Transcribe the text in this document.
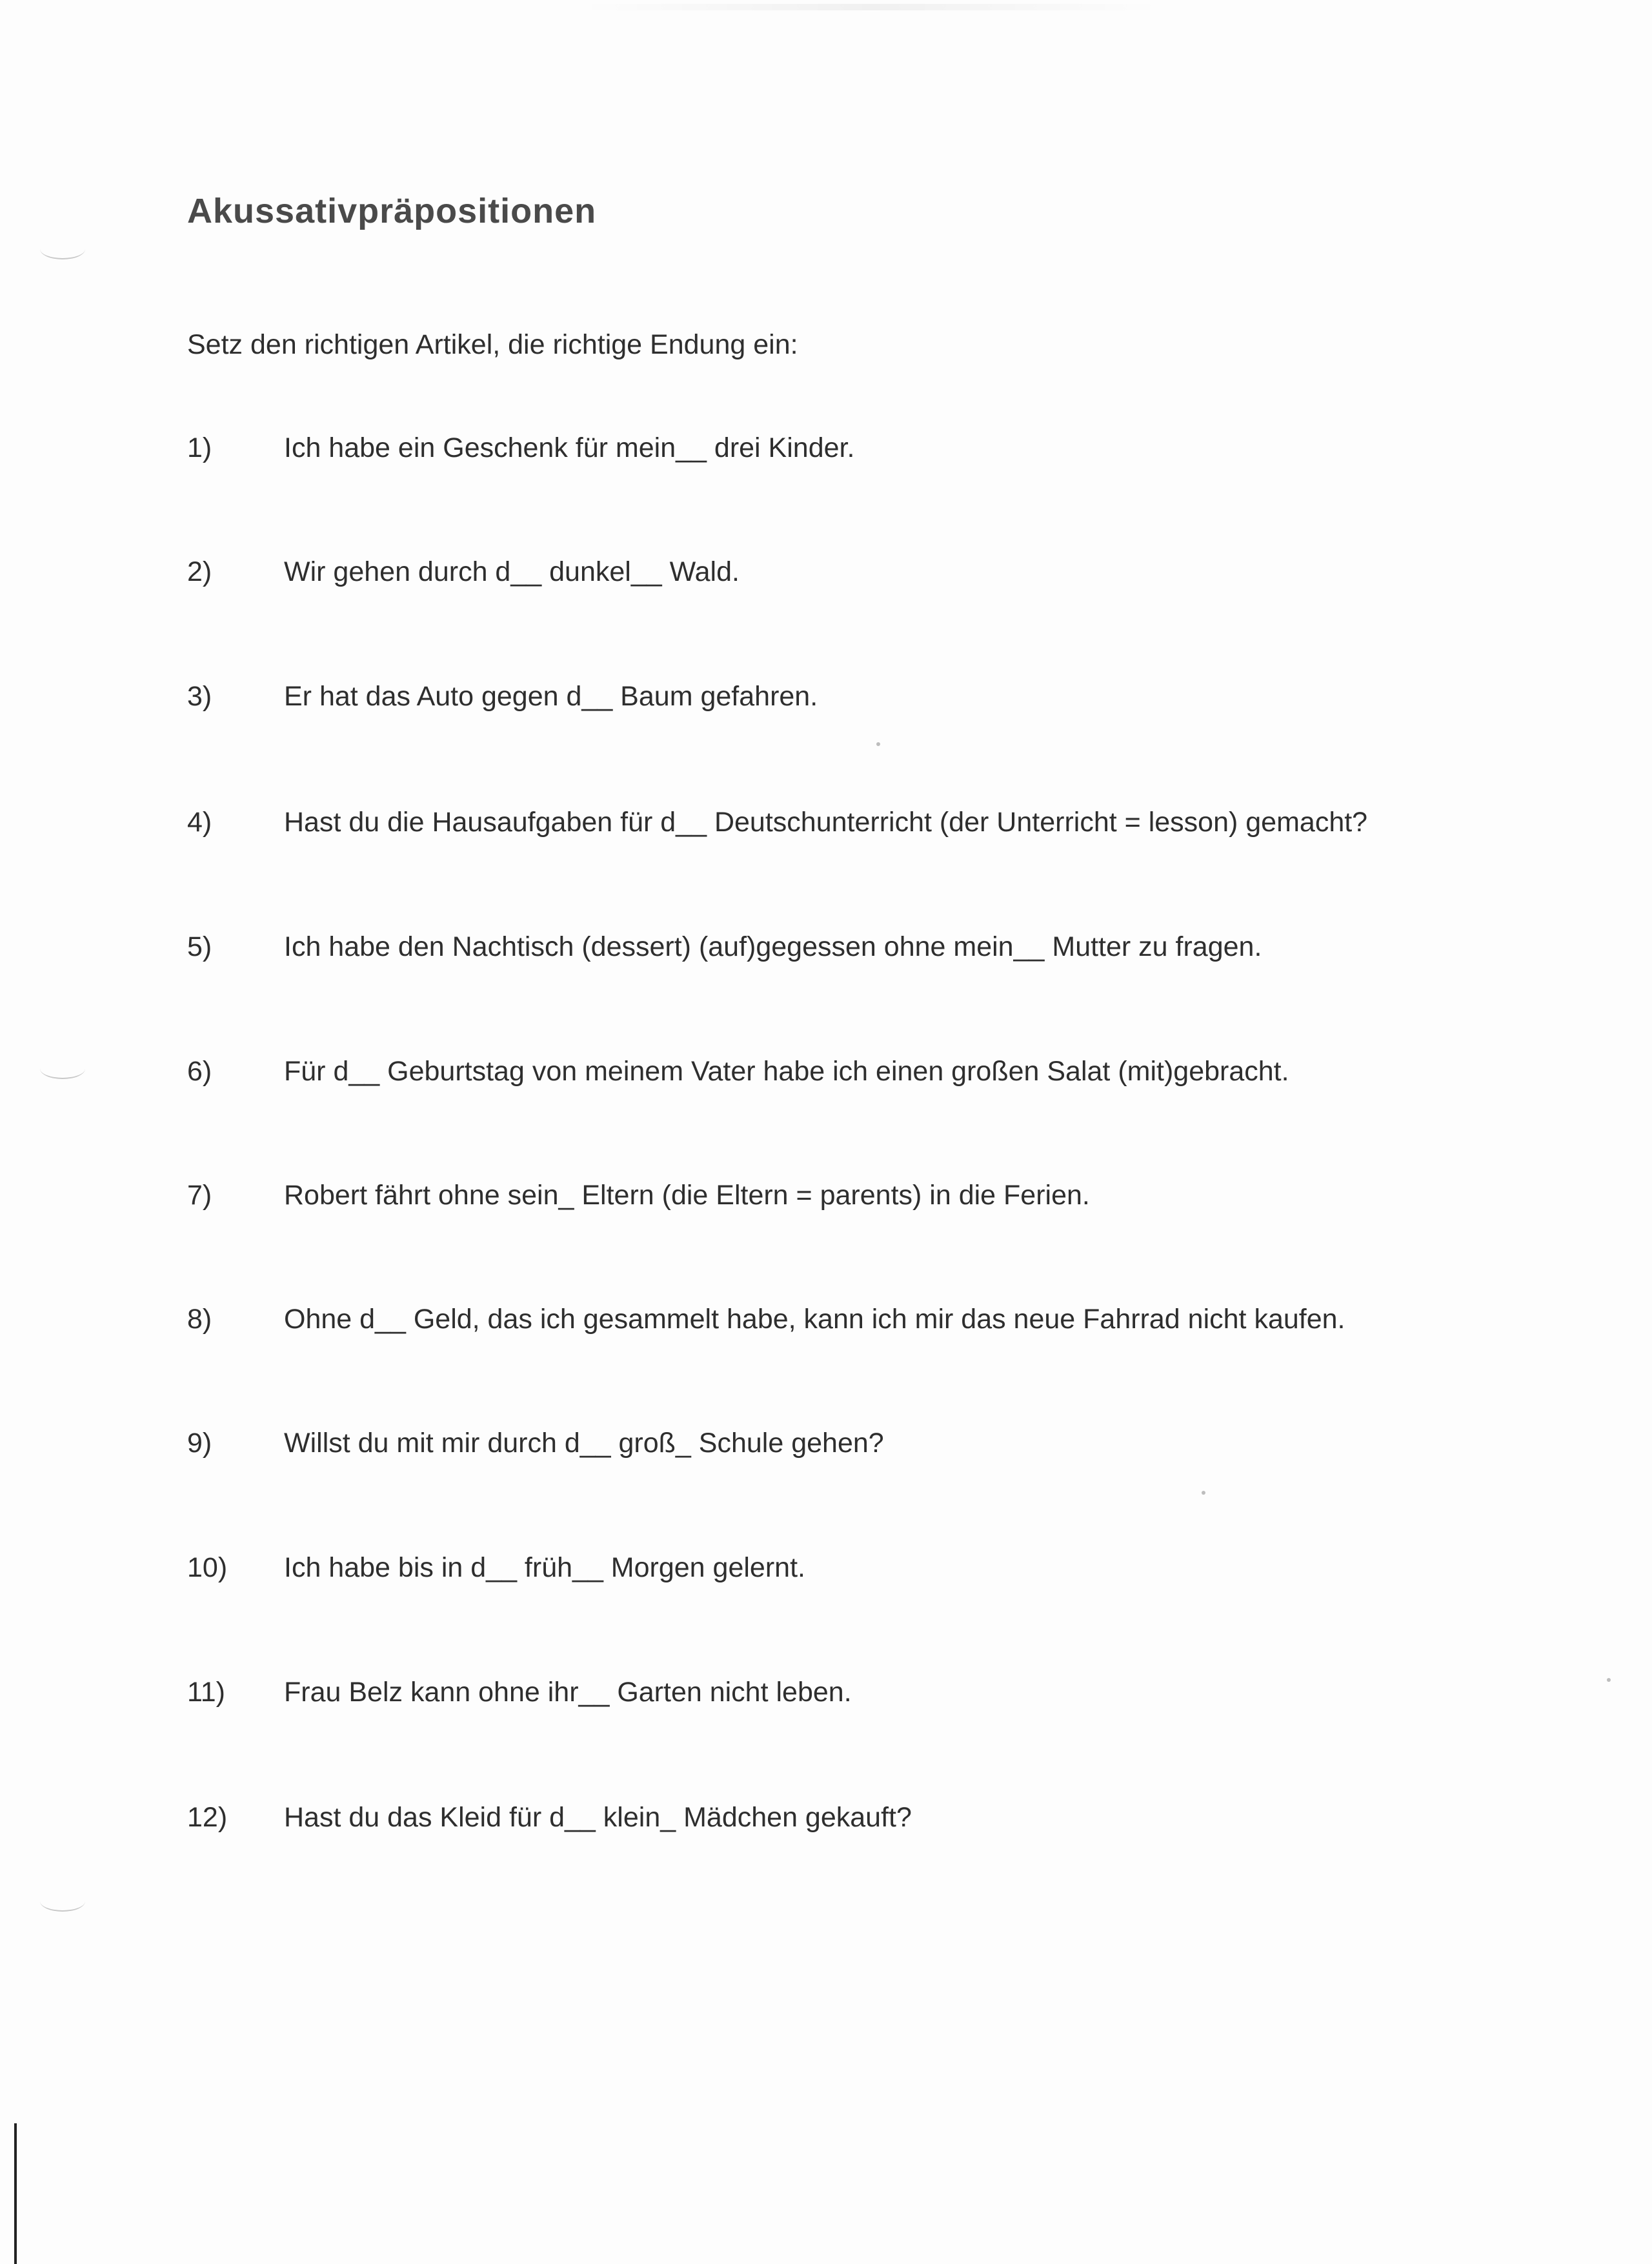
Akussativpräpositionen
Setz den richtigen Artikel, die richtige Endung ein:
1)	Ich habe ein Geschenk für mein__ drei Kinder.
2)	Wir gehen durch d__ dunkel__ Wald.
3)	Er hat das Auto gegen d__ Baum gefahren.
4)	Hast du die Hausaufgaben für d__ Deutschunterricht (der Unterricht = lesson) gemacht?
5)	Ich habe den Nachtisch (dessert) (auf)gegessen ohne mein__ Mutter zu fragen.
6)	Für d__ Geburtstag von meinem Vater habe ich einen großen Salat (mit)gebracht.
7)	Robert fährt ohne sein_ Eltern (die Eltern = parents) in die Ferien.
8)	Ohne d__ Geld, das ich gesammelt habe, kann ich mir das neue Fahrrad nicht kaufen.
9)	Willst du mit mir durch d__ groß_ Schule gehen?
10) Ich habe bis in d__ früh__ Morgen gelernt.
11) Frau Belz kann ohne ihr__ Garten nicht leben.
12) Hast du das Kleid für d__ klein_ Mädchen gekauft?
